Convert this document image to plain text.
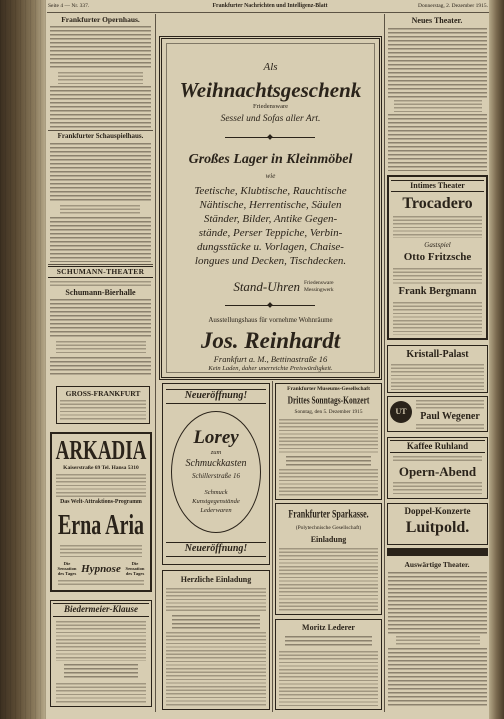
Seite 4 — Nr. 337.	Frankfurter Nachrichten und Intelligenz-Blatt	Donnerstag, 2. Dezember 1915.
Frankfurter Opernhaus.
Frankfurter Schauspielhaus.
SCHUMANN-THEATER
Schumann-Bierhalle
GROSS-FRANKFURT
ARKADIA
Kaiserstraße 69 Tel. Hansa 5310
Das Welt-Attraktions-Programm
Erna Aria
Die Sensation des Tages Hypnose	Die Sensation des Tages
Biedermeier-Klause
Als
Weihnachtsgeschenk
Friedensware
Sessel und Sofas aller Art.
Großes Lager in Kleinmöbel
wie
Teetische, Klubtische, Rauchtische
Nähtische, Herrentische, Säulen
Ständer, Bilder, Antike Gegen-
stände, Perser Teppiche, Verbin-
dungsstücke u. Vorlagen, Chaise-
longues und Decken, Tischdecken.
Stand-Uhren Friedensware
Messingwerk
Ausstellungshaus für vornehme Wohnräume
Jos. Reinhardt
Frankfurt a. M., Bettinastraße 16
Kein Laden, daher unerreichte Preiswürdigkeit.
Neueröffnung!
Lorey
zum
Schmuckkasten
Schillerstraße 16
Schmuck
Kunstgegenstände
Lederwaren
Neueröffnung!
Herzliche Einladung
Frankfurter Museums-Gesellschaft
Drittes Sonntags-Konzert
Sonntag, den 5. Dezember 1915
Frankfurter Sparkasse.
(Polytechnische Gesellschaft)
Einladung
Moritz Lederer
Neues Theater.
Intimes Theater
Trocadero
Gastspiel
Otto Fritzsche
Frank Bergmann
Kristall-Palast
UT	Paul Wegener
Kaffee Ruhland
Opern-Abend
Doppel-Konzerte
Luitpold.
Auswärtige Theater.
